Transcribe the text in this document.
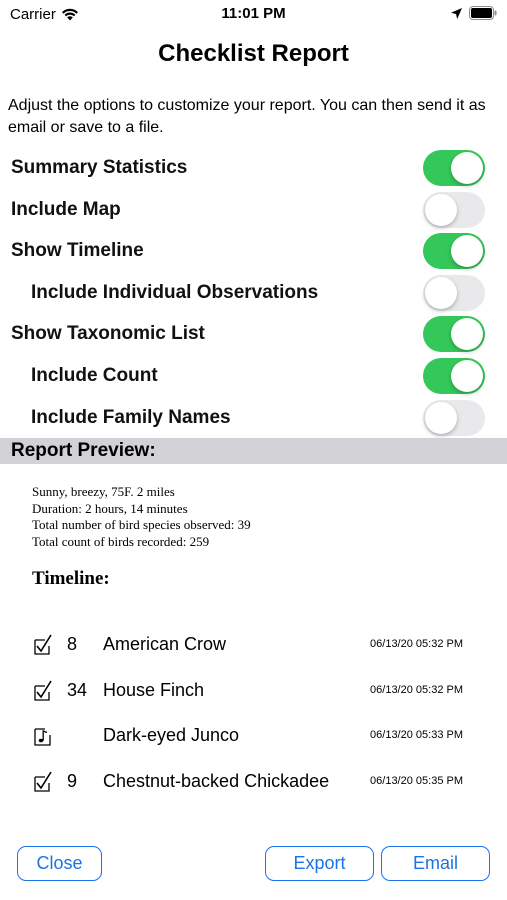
Carrier	11:01 PM
Checklist Report
Adjust the options to customize your report. You can then send it as email or save to a file.
Summary Statistics
Include Map
Show Timeline
Include Individual Observations
Show Taxonomic List
Include Count
Include Family Names
Report Preview:
Sunny, breezy, 75F. 2 miles
Duration: 2 hours, 14 minutes
Total number of bird species observed: 39
Total count of birds recorded: 259
Timeline:
8 American Crow	06/13/20 05:32 PM
34 House Finch	06/13/20 05:32 PM
Dark-eyed Junco	06/13/20 05:33 PM
9 Chestnut-backed Chickadee	06/13/20 05:35 PM
Close	Export	Email
